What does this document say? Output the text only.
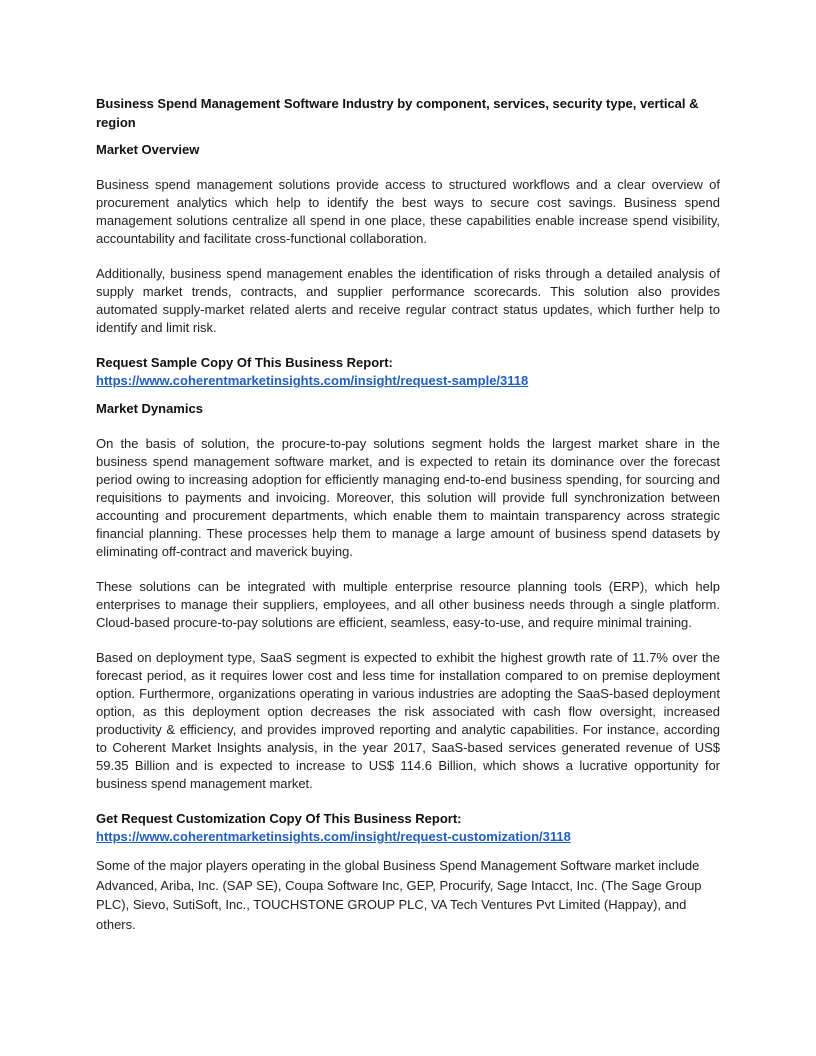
Business Spend Management Software Industry by component, services, security type, vertical & region
Market Overview

Business spend management solutions provide access to structured workflows and a clear overview of procurement analytics which help to identify the best ways to secure cost savings. Business spend management solutions centralize all spend in one place, these capabilities enable increase spend visibility, accountability and facilitate cross-functional collaboration.

Additionally, business spend management enables the identification of risks through a detailed analysis of supply market trends, contracts, and supplier performance scorecards. This solution also provides automated supply-market related alerts and receive regular contract status updates, which further help to identify and limit risk.

Request Sample Copy Of This Business Report:
https://www.coherentmarketinsights.com/insight/request-sample/3118
Market Dynamics

On the basis of solution, the procure-to-pay solutions segment holds the largest market share in the business spend management software market, and is expected to retain its dominance over the forecast period owing to increasing adoption for efficiently managing end-to-end business spending, for sourcing and requisitions to payments and invoicing. Moreover, this solution will provide full synchronization between accounting and procurement departments, which enable them to maintain transparency across strategic financial planning. These processes help them to manage a large amount of business spend datasets by eliminating off-contract and maverick buying.

These solutions can be integrated with multiple enterprise resource planning tools (ERP), which help enterprises to manage their suppliers, employees, and all other business needs through a single platform. Cloud-based procure-to-pay solutions are efficient, seamless, easy-to-use, and require minimal training.

Based on deployment type, SaaS segment is expected to exhibit the highest growth rate of 11.7% over the forecast period, as it requires lower cost and less time for installation compared to on premise deployment option. Furthermore, organizations operating in various industries are adopting the SaaS-based deployment option, as this deployment option decreases the risk associated with cash flow oversight, increased productivity & efficiency, and provides improved reporting and analytic capabilities. For instance, according to Coherent Market Insights analysis, in the year 2017, SaaS-based services generated revenue of US$ 59.35 Billion and is expected to increase to US$ 114.6 Billion, which shows a lucrative opportunity for business spend management market.

Get Request Customization Copy Of This Business Report:
https://www.coherentmarketinsights.com/insight/request-customization/3118

Some of the major players operating in the global Business Spend Management Software market include Advanced, Ariba, Inc. (SAP SE), Coupa Software Inc, GEP, Procurify, Sage Intacct, Inc. (The Sage Group PLC), Sievo, SutiSoft, Inc., TOUCHSTONE GROUP PLC, VA Tech Ventures Pvt Limited (Happay), and others.
